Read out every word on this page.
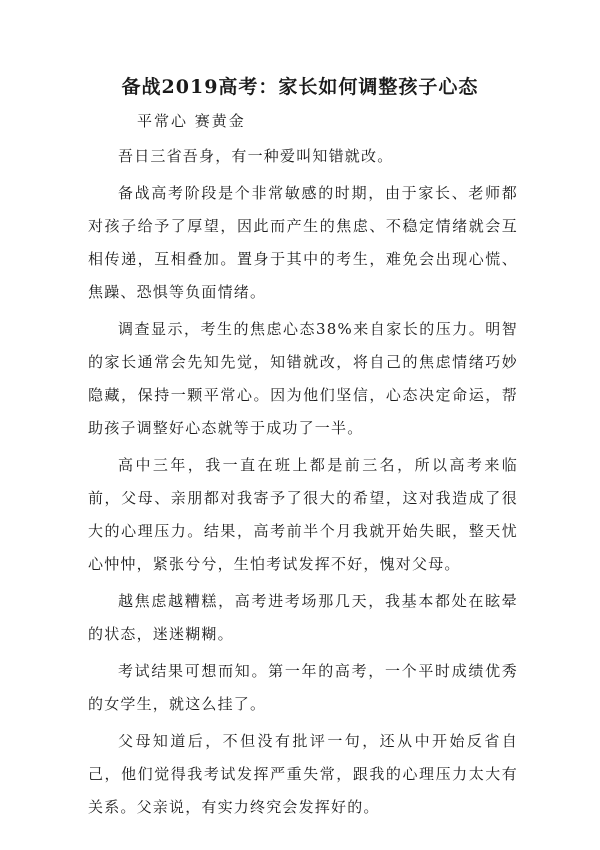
备战2019高考：家长如何调整孩子心态

平常心 赛黄金

吾日三省吾身，有一种爱叫知错就改。

备战高考阶段是个非常敏感的时期，由于家长、老师都对孩子给予了厚望，因此而产生的焦虑、不稳定情绪就会互相传递，互相叠加。置身于其中的考生，难免会出现心慌、焦躁、恐惧等负面情绪。

调查显示，考生的焦虑心态38%来自家长的压力。明智的家长通常会先知先觉，知错就改，将自己的焦虑情绪巧妙隐藏，保持一颗平常心。因为他们坚信，心态决定命运，帮助孩子调整好心态就等于成功了一半。

高中三年，我一直在班上都是前三名，所以高考来临前，父母、亲朋都对我寄予了很大的希望，这对我造成了很大的心理压力。结果，高考前半个月我就开始失眠，整天忧心忡忡，紧张兮兮，生怕考试发挥不好，愧对父母。

越焦虑越糟糕，高考进考场那几天，我基本都处在眩晕的状态，迷迷糊糊。

考试结果可想而知。第一年的高考，一个平时成绩优秀的女学生，就这么挂了。

父母知道后，不但没有批评一句，还从中开始反省自己，他们觉得我考试发挥严重失常，跟我的心理压力太大有关系。父亲说，有实力终究会发挥好的。
